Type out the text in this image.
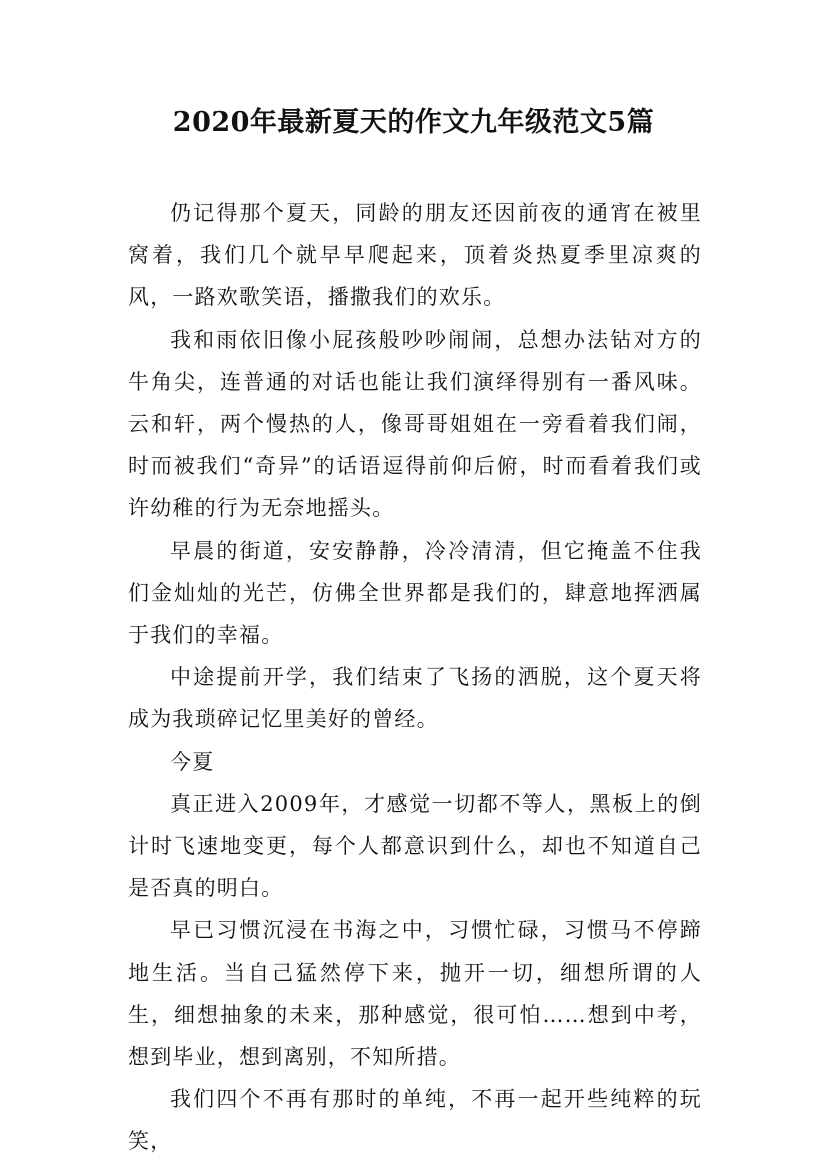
2020年最新夏天的作文九年级范文5篇

仍记得那个夏天，同龄的朋友还因前夜的通宵在被里窝着，我们几个就早早爬起来，顶着炎热夏季里凉爽的风，一路欢歌笑语，播撒我们的欢乐。

我和雨依旧像小屁孩般吵吵闹闹，总想办法钻对方的牛角尖，连普通的对话也能让我们演绎得别有一番风味。云和轩，两个慢热的人，像哥哥姐姐在一旁看着我们闹，时而被我们“奇异”的话语逗得前仰后俯，时而看着我们或许幼稚的行为无奈地摇头。

早晨的街道，安安静静，冷冷清清，但它掩盖不住我们金灿灿的光芒，仿佛全世界都是我们的，肆意地挥洒属于我们的幸福。

中途提前开学，我们结束了飞扬的洒脱，这个夏天将成为我琐碎记忆里美好的曾经。

今夏

真正进入2009年，才感觉一切都不等人，黑板上的倒计时飞速地变更，每个人都意识到什么，却也不知道自己是否真的明白。

早已习惯沉浸在书海之中，习惯忙碌，习惯马不停蹄地生活。当自己猛然停下来，抛开一切，细想所谓的人生，细想抽象的未来，那种感觉，很可怕……想到中考，想到毕业，想到离别，不知所措。

我们四个不再有那时的单纯，不再一起开些纯粹的玩笑，
